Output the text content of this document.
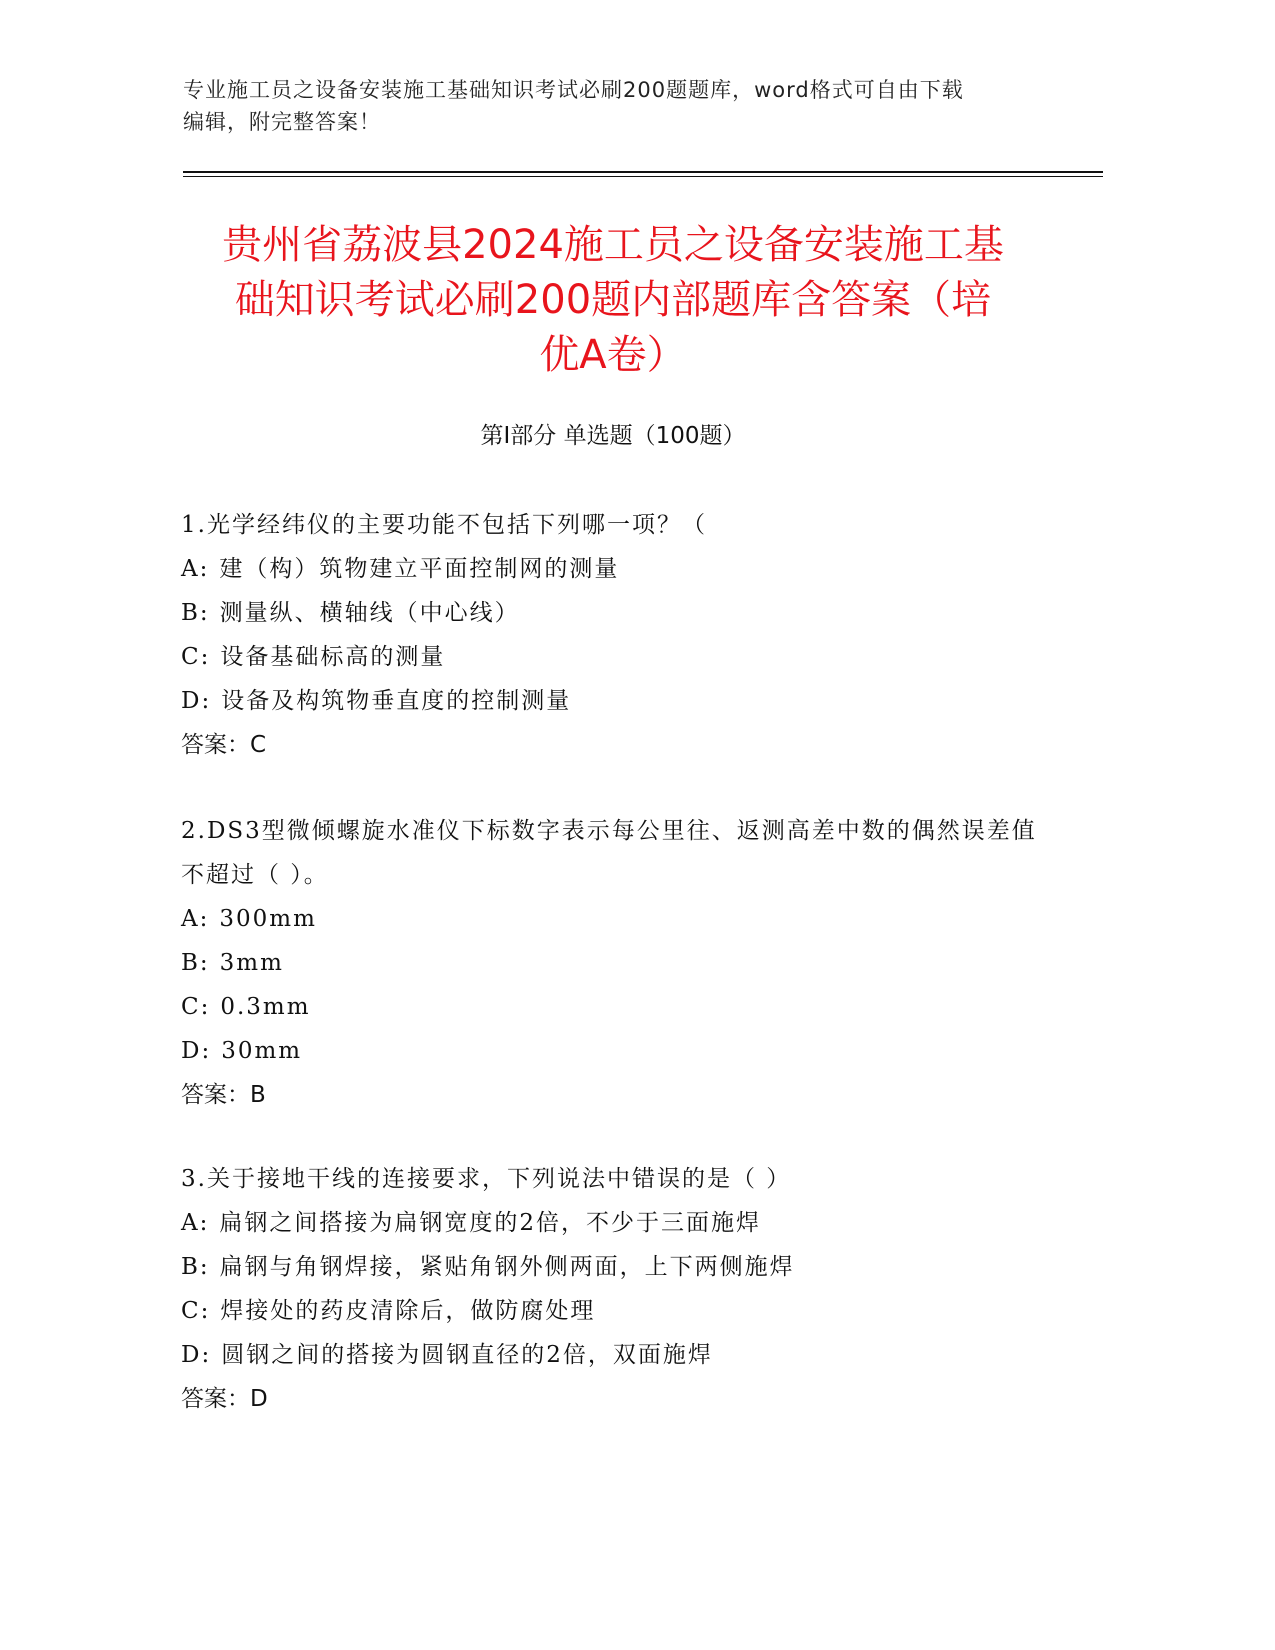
专业施工员之设备安装施工基础知识考试必刷200题题库，word格式可自由下载
编辑，附完整答案！
贵州省荔波县2024施工员之设备安装施工基
础知识考试必刷200题内部题库含答案（培
优A卷）
第Ⅰ部分 单选题（100题）

1.光学经纬仪的主要功能不包括下列哪一项？（

A: 建（构）筑物建立平面控制网的测量

B: 测量纵、横轴线（中心线）

C: 设备基础标高的测量

D: 设备及构筑物垂直度的控制测量

答案：C

2.DS3型微倾螺旋水准仪下标数字表示每公里往、返测高差中数的偶然误差值不超过（ ）。

A: 300mm

B: 3mm

C: 0.3mm

D: 30mm

答案：B

3.关于接地干线的连接要求，下列说法中错误的是（ ）

A: 扁钢之间搭接为扁钢宽度的2倍，不少于三面施焊

B: 扁钢与角钢焊接，紧贴角钢外侧两面，上下两侧施焊

C: 焊接处的药皮清除后，做防腐处理

D: 圆钢之间的搭接为圆钢直径的2倍，双面施焊

答案：D
